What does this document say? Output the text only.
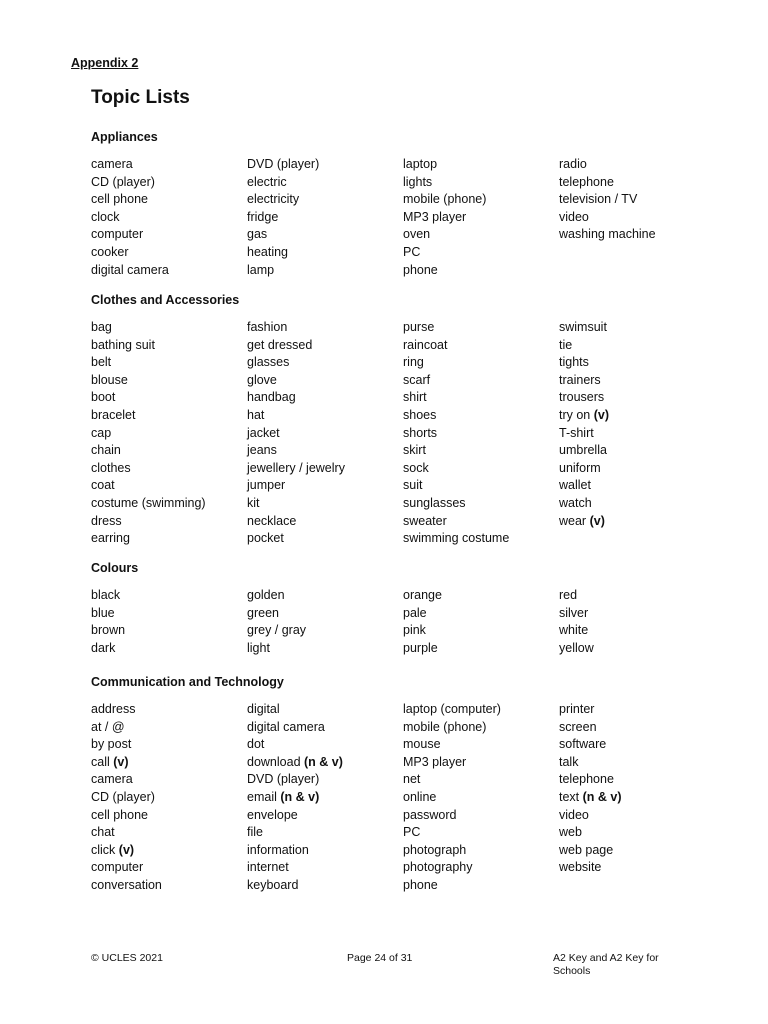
Appendix 2
Topic Lists
Appliances
camera
CD (player)
cell phone
clock
computer
cooker
digital camera
DVD (player)
electric
electricity
fridge
gas
heating
lamp
laptop
lights
mobile (phone)
MP3 player
oven
PC
phone
radio
telephone
television / TV
video
washing machine
Clothes and Accessories
bag
bathing suit
belt
blouse
boot
bracelet
cap
chain
clothes
coat
costume (swimming)
dress
earring
fashion
get dressed
glasses
glove
handbag
hat
jacket
jeans
jewellery / jewelry
jumper
kit
necklace
pocket
purse
raincoat
ring
scarf
shirt
shoes
shorts
skirt
sock
suit
sunglasses
sweater
swimming costume
swimsuit
tie
tights
trainers
trousers
try on (v)
T-shirt
umbrella
uniform
wallet
watch
wear (v)
Colours
black
blue
brown
dark
golden
green
grey / gray
light
orange
pale
pink
purple
red
silver
white
yellow
Communication and Technology
address
at / @
by post
call (v)
camera
CD (player)
cell phone
chat
click (v)
computer
conversation
digital
digital camera
dot
download (n & v)
DVD (player)
email (n & v)
envelope
file
information
internet
keyboard
laptop (computer)
mobile (phone)
mouse
MP3 player
net
online
password
PC
photograph
photography
phone
printer
screen
software
talk
telephone
text (n & v)
video
web
web page
website
© UCLES 2021	Page 24 of 31	A2 Key and A2 Key for Schools
